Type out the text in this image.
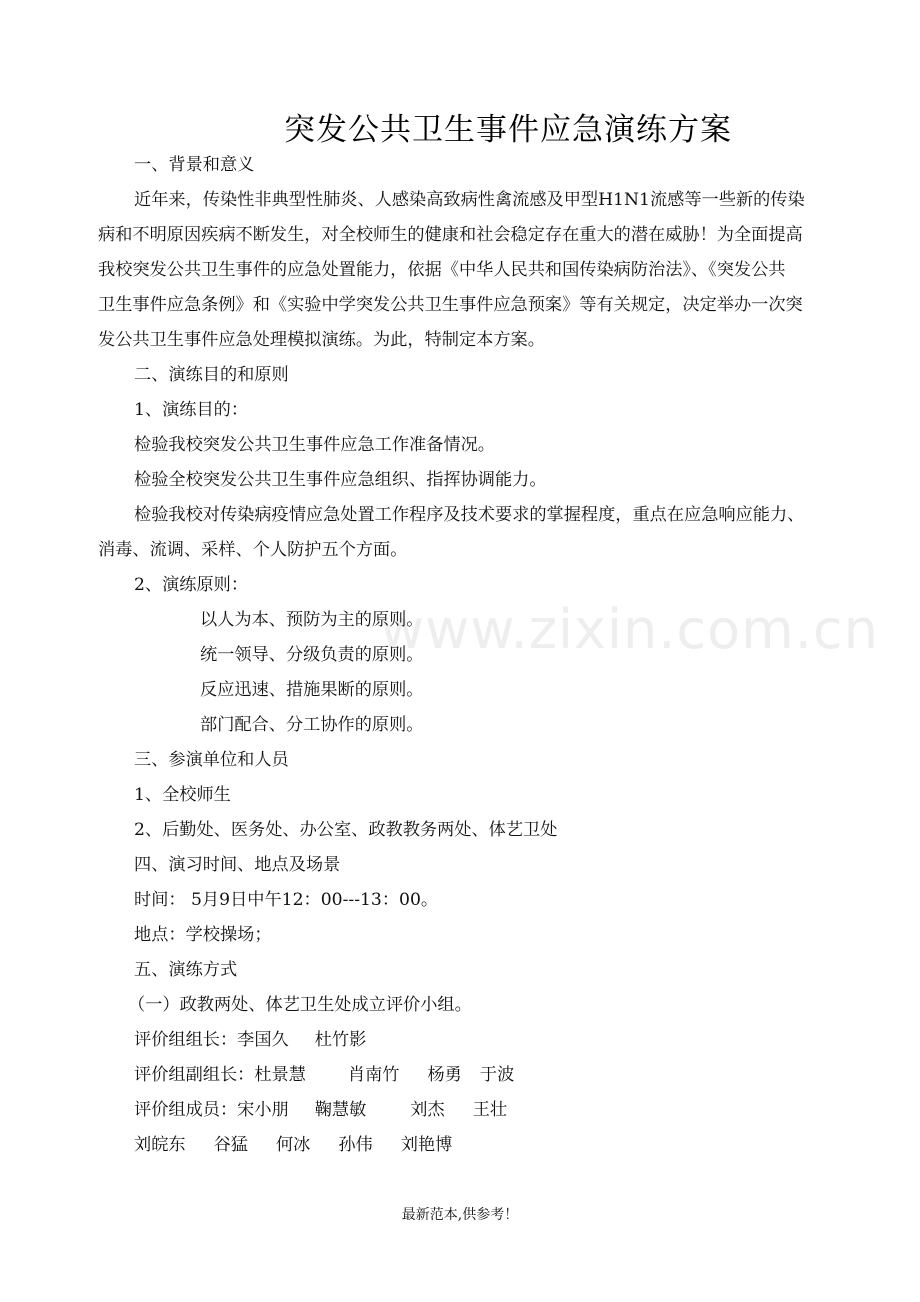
突发公共卫生事件应急演练方案
www.zixin.com.cn
一、背景和意义
近年来，传染性非典型性肺炎、人感染高致病性禽流感及甲型H1N1流感等一些新的传染
病和不明原因疾病不断发生，对全校师生的健康和社会稳定存在重大的潜在威胁！为全面提高
我校突发公共卫生事件的应急处置能力，依据《中华人民共和国传染病防治法》、《突发公共
卫生事件应急条例》和《实验中学突发公共卫生事件应急预案》等有关规定，决定举办一次突
发公共卫生事件应急处理模拟演练。为此，特制定本方案。
二、演练目的和原则
1、演练目的：
检验我校突发公共卫生事件应急工作准备情况。
检验全校突发公共卫生事件应急组织、指挥协调能力。
检验我校对传染病疫情应急处置工作程序及技术要求的掌握程度，重点在应急响应能力、
消毒、流调、采样、个人防护五个方面。
2、演练原则：
以人为本、预防为主的原则。
统一领导、分级负责的原则。
反应迅速、措施果断的原则。
部门配合、分工协作的原则。
三、参演单位和人员
1、全校师生
2、后勤处、医务处、办公室、政教教务两处、体艺卫处
四、演习时间、地点及场景
时间： 5月9日中午12：00---13：00。
地点：学校操场；
五、演练方式
（一）政教两处、体艺卫生处成立评价小组。
评价组组长：李国久 杜竹影
评价组副组长：杜景慧 肖南竹 杨勇 于波
评价组成员：宋小朋 鞠慧敏	刘杰 王壮
刘皖东 谷猛 何冰 孙伟 刘艳博
最新范本,供参考！
